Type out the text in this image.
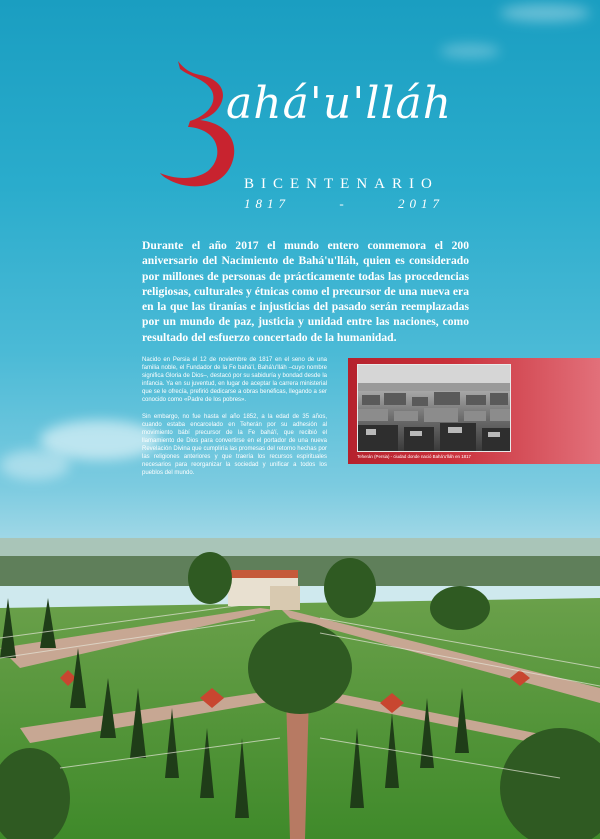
ahá'u'lláh
BICENTENARIO
1817	-	2017
Durante el año 2017 el mundo entero conmemora el 200 aniversario del Nacimiento de Bahá'u'lláh, quien es considerado por millones de personas de prácticamente todas las procedencias religiosas, culturales y étnicas como el precursor de una nueva era en la que las tiranías e injusticias del pasado serán reemplazadas por un mundo de paz, justicia y unidad entre las naciones, como resultado del esfuerzo concertado de la humanidad.

Nacido en Persia el 12 de noviembre de 1817 en el seno de una familia noble, el Fundador de la Fe bahá'í, Bahá'u'lláh –cuyo nombre significa Gloria de Dios–, destacó por su sabiduría y bondad desde la infancia. Ya en su juventud, en lugar de aceptar la carrera ministerial que se le ofrecía, prefirió dedicarse a obras benéficas, llegando a ser conocido como «Padre de los pobres».

Sin embargo, no fue hasta el año 1852, a la edad de 35 años, cuando estaba encarcelado en Teherán por su adhesión al movimiento bábí precursor de la Fe bahá'í, que recibió el llamamiento de Dios para convertirse en el portador de una nueva Revelación Divina que cumpliría las promesas del retorno hechas por las religiones anteriores y que traería los recursos espirituales necesarios para reorganizar la sociedad y unificar a todos los pueblos del mundo.

Teherán (Persia) - ciudad donde nació Bahá'u'lláh en 1817
